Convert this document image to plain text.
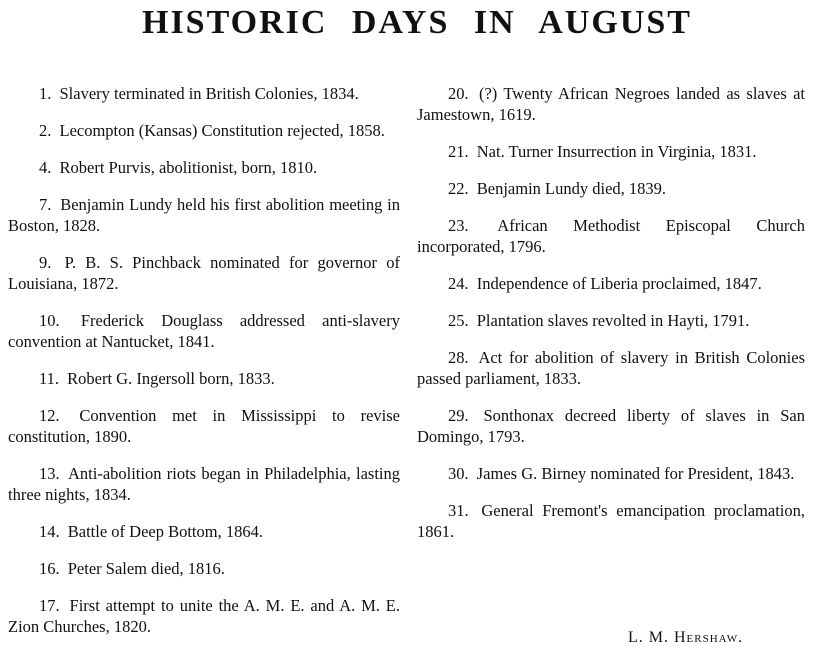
HISTORIC DAYS IN AUGUST

1. Slavery terminated in British Colonies, 1834.

2. Lecompton (Kansas) Constitution rejected, 1858.

4. Robert Purvis, abolitionist, born, 1810.

7. Benjamin Lundy held his first abolition meeting in Boston, 1828.

9. P. B. S. Pinchback nominated for governor of Louisiana, 1872.

10. Frederick Douglass addressed anti-slavery convention at Nantucket, 1841.

11. Robert G. Ingersoll born, 1833.

12. Convention met in Mississippi to revise constitution, 1890.

13. Anti-abolition riots began in Philadelphia, lasting three nights, 1834.

14. Battle of Deep Bottom, 1864.

16. Peter Salem died, 1816.

17. First attempt to unite the A. M. E. and A. M. E. Zion Churches, 1820.

20. (?) Twenty African Negroes landed as slaves at Jamestown, 1619.

21. Nat. Turner Insurrection in Virginia, 1831.

22. Benjamin Lundy died, 1839.

23. African Methodist Episcopal Church incorporated, 1796.

24. Independence of Liberia proclaimed, 1847.

25. Plantation slaves revolted in Hayti, 1791.

28. Act for abolition of slavery in British Colonies passed parliament, 1833.

29. Sonthonax decreed liberty of slaves in San Domingo, 1793.

30. James G. Birney nominated for President, 1843.

31. General Fremont's emancipation proclamation, 1861.

L. M. Hershaw.
